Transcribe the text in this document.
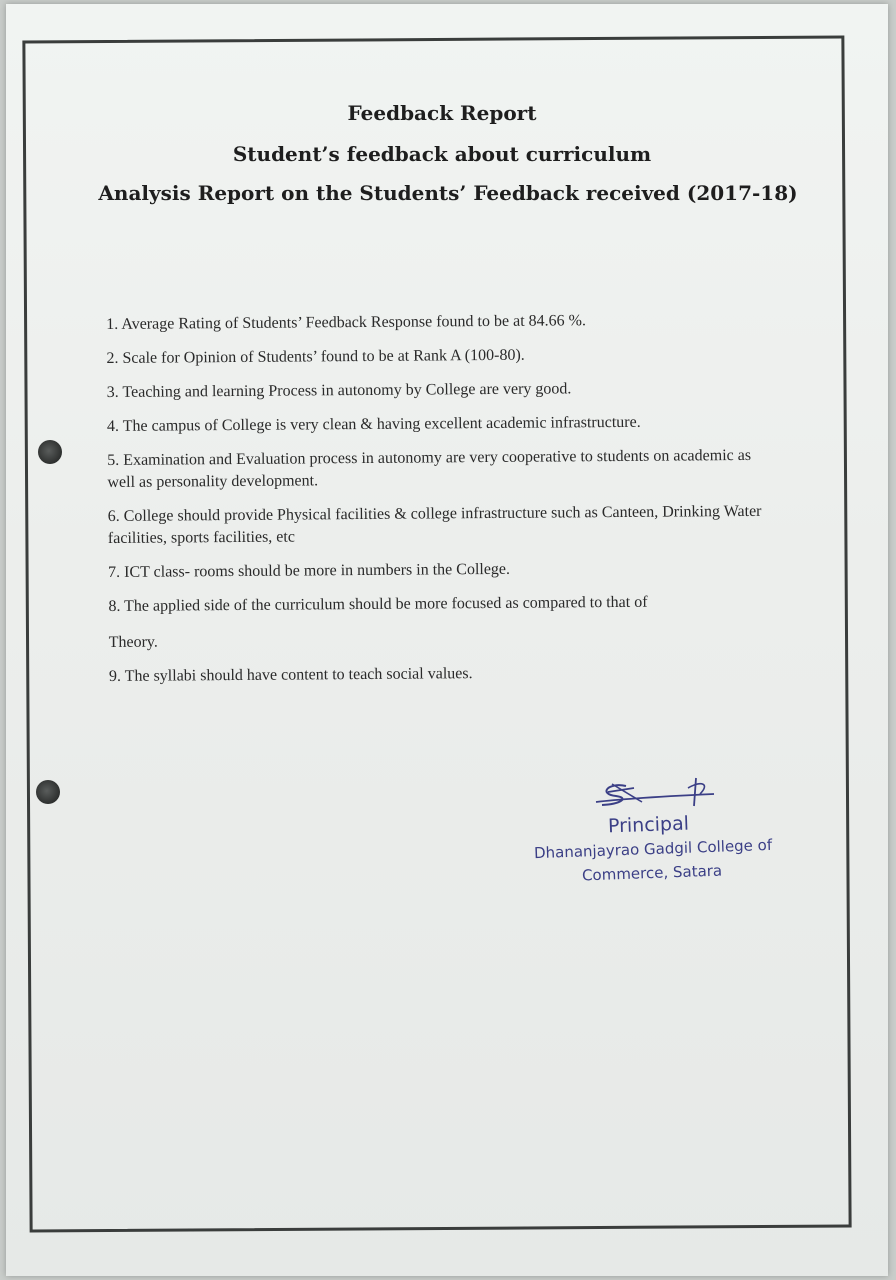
Feedback Report
Student’s feedback about curriculum
Analysis Report on the Students’ Feedback received (2017-18)

1. Average Rating of Students’ Feedback Response found to be at 84.66 %.

2. Scale for Opinion of Students’ found to be at Rank A (100-80).

3. Teaching and learning Process in autonomy by College are very good.

4. The campus of College is very clean & having excellent academic infrastructure.

5. Examination and Evaluation process in autonomy are very cooperative to students on academic as well as personality development.

6. College should provide Physical facilities & college infrastructure such as Canteen, Drinking Water facilities, sports facilities, etc

7. ICT class- rooms should be more in numbers in the College.

8. The applied side of the curriculum should be more focused as compared to that of

Theory.

9. The syllabi should have content to teach social values.

Principal
Dhananjayrao Gadgil College of
Commerce, Satara
